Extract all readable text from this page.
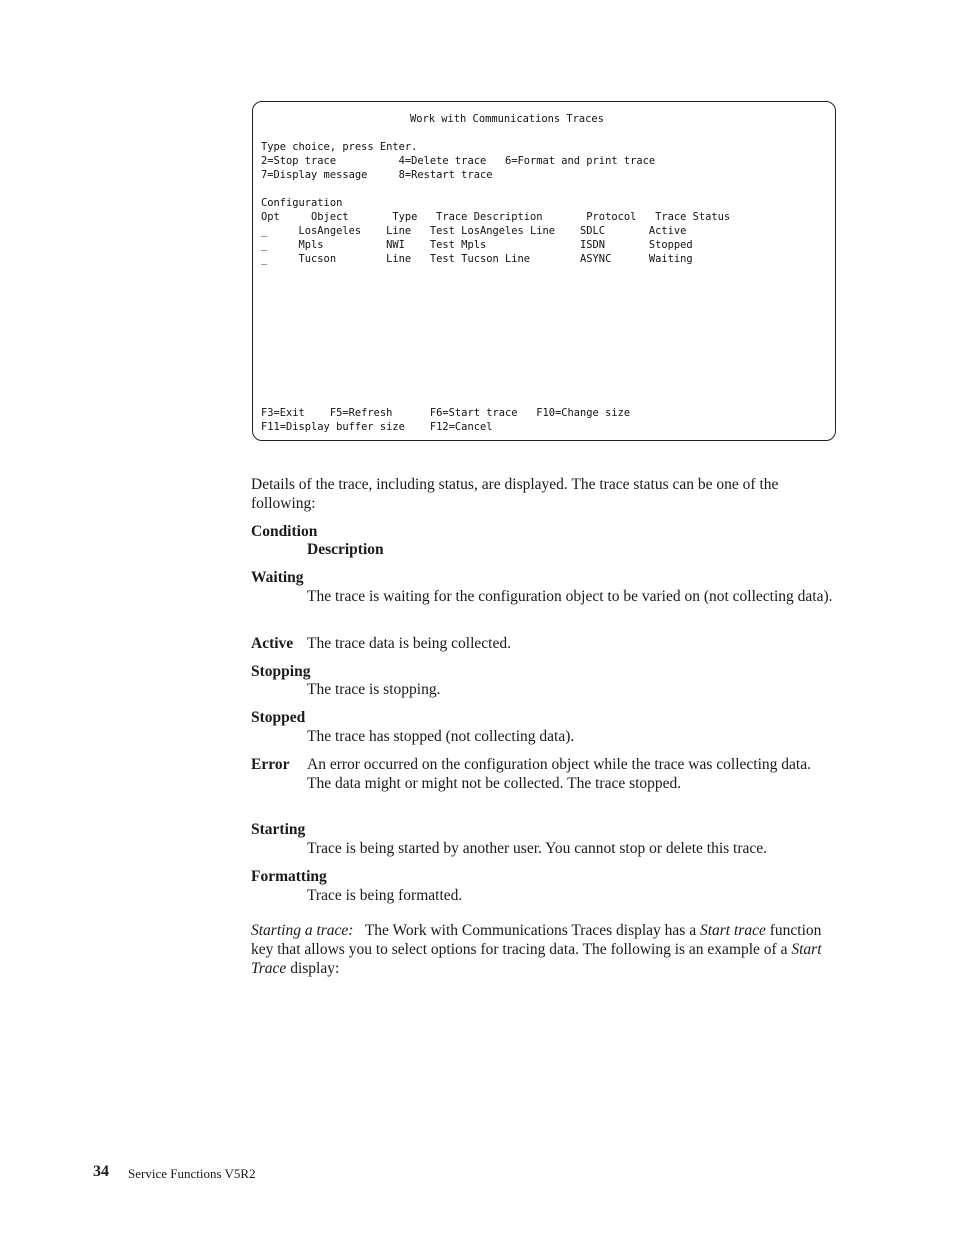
Work with Communications Traces
Type choice, press Enter.
2=Stop trace          4=Delete trace   6=Format and print trace
7=Display message     8=Restart trace
Configuration
Opt     Object       Type   Trace Description       Protocol   Trace Status
_     LosAngeles    Line   Test LosAngeles Line    SDLC       Active
_     Mpls          NWI    Test Mpls               ISDN       Stopped
_     Tucson        Line   Test Tucson Line        ASYNC      Waiting
F3=Exit    F5=Refresh      F6=Start trace   F10=Change size
F11=Display buffer size    F12=Cancel
Details of the trace, including status, are displayed. The trace status can be one of the following:
Condition
Description
Waiting
The trace is waiting for the configuration object to be varied on (not collecting data).
Active The trace data is being collected.
Stopping
The trace is stopping.
Stopped
The trace has stopped (not collecting data).
Error An error occurred on the configuration object while the trace was collecting data. The data might or might not be collected. The trace stopped.
Starting
Trace is being started by another user. You cannot stop or delete this trace.
Formatting
Trace is being formatted.
Starting a trace: The Work with Communications Traces display has a Start trace function key that allows you to select options for tracing data. The following is an example of a Start Trace display:
34 Service Functions V5R2
